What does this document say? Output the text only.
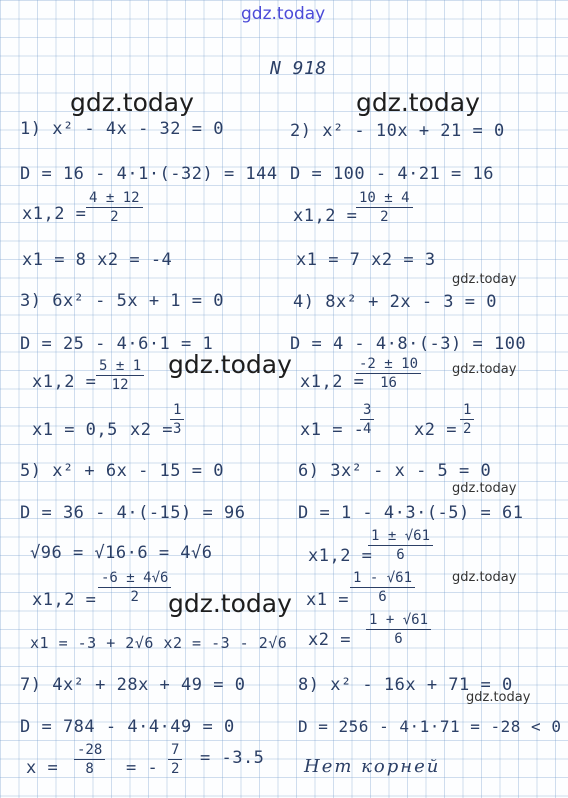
gdz.today
N 918
1) x² - 4x - 32 = 0
D = 16 - 4·1·(-32) = 144
$x1,2 = \frac{4 \pm 12}{2}$
x1 = 8 x2 = -4
2) x² - 10x + 21 = 0
D = 100 - 4·21 = 16
x1,2 =
$\frac{10 \pm 4}{2}$
x1 = 7 x2 = 3
3) 6x² - 5x + 1 = 0
D = 25 - 4·6·1 = 1
$x1,2 = \frac{5 \pm 1}{12}$
x1 = 0,5 x2 =
$\frac{1}{3}$
4) 8x² + 2x - 3 = 0
D = 4 - 4·8·(-3) = 100
x1,2 =
$\frac{-2 \pm 10}{16}$
x1 = -
$\frac{3}{4} x2 = \frac{1}{2}$
5) x² + 6x - 15 = 0
D = 36 - 4·(-15) = 96
√96 = √16·6 = 4√6
$x1,2 = \frac{-6 \pm 4√6}{2}$
x1 = -3 + 2√6 x2 = -3 - 2√6
6) 3x² - x - 5 = 0
D = 1 - 4·3·(-5) = 61
x1,2 =
$\frac{1 \pm √61}{6}$
$x1 = \frac{1 - √61}{6}$
$x2 = \frac{1 + √61}{6}$
7) 4x² + 28x + 49 = 0
D = 784 - 4·4·49 = 0
$x = \frac{-28}{8}$ = - $\frac{7}{2} = -3.5$
8) x² - 16x + 71 = 0
D = 256 - 4·1·71 = -28 < 0
Нет корней
gdz.today	gdz.today
gdz.today
gdz.today
gdz.today
gdz.today
gdz.today
gdz.today
gdz.today
